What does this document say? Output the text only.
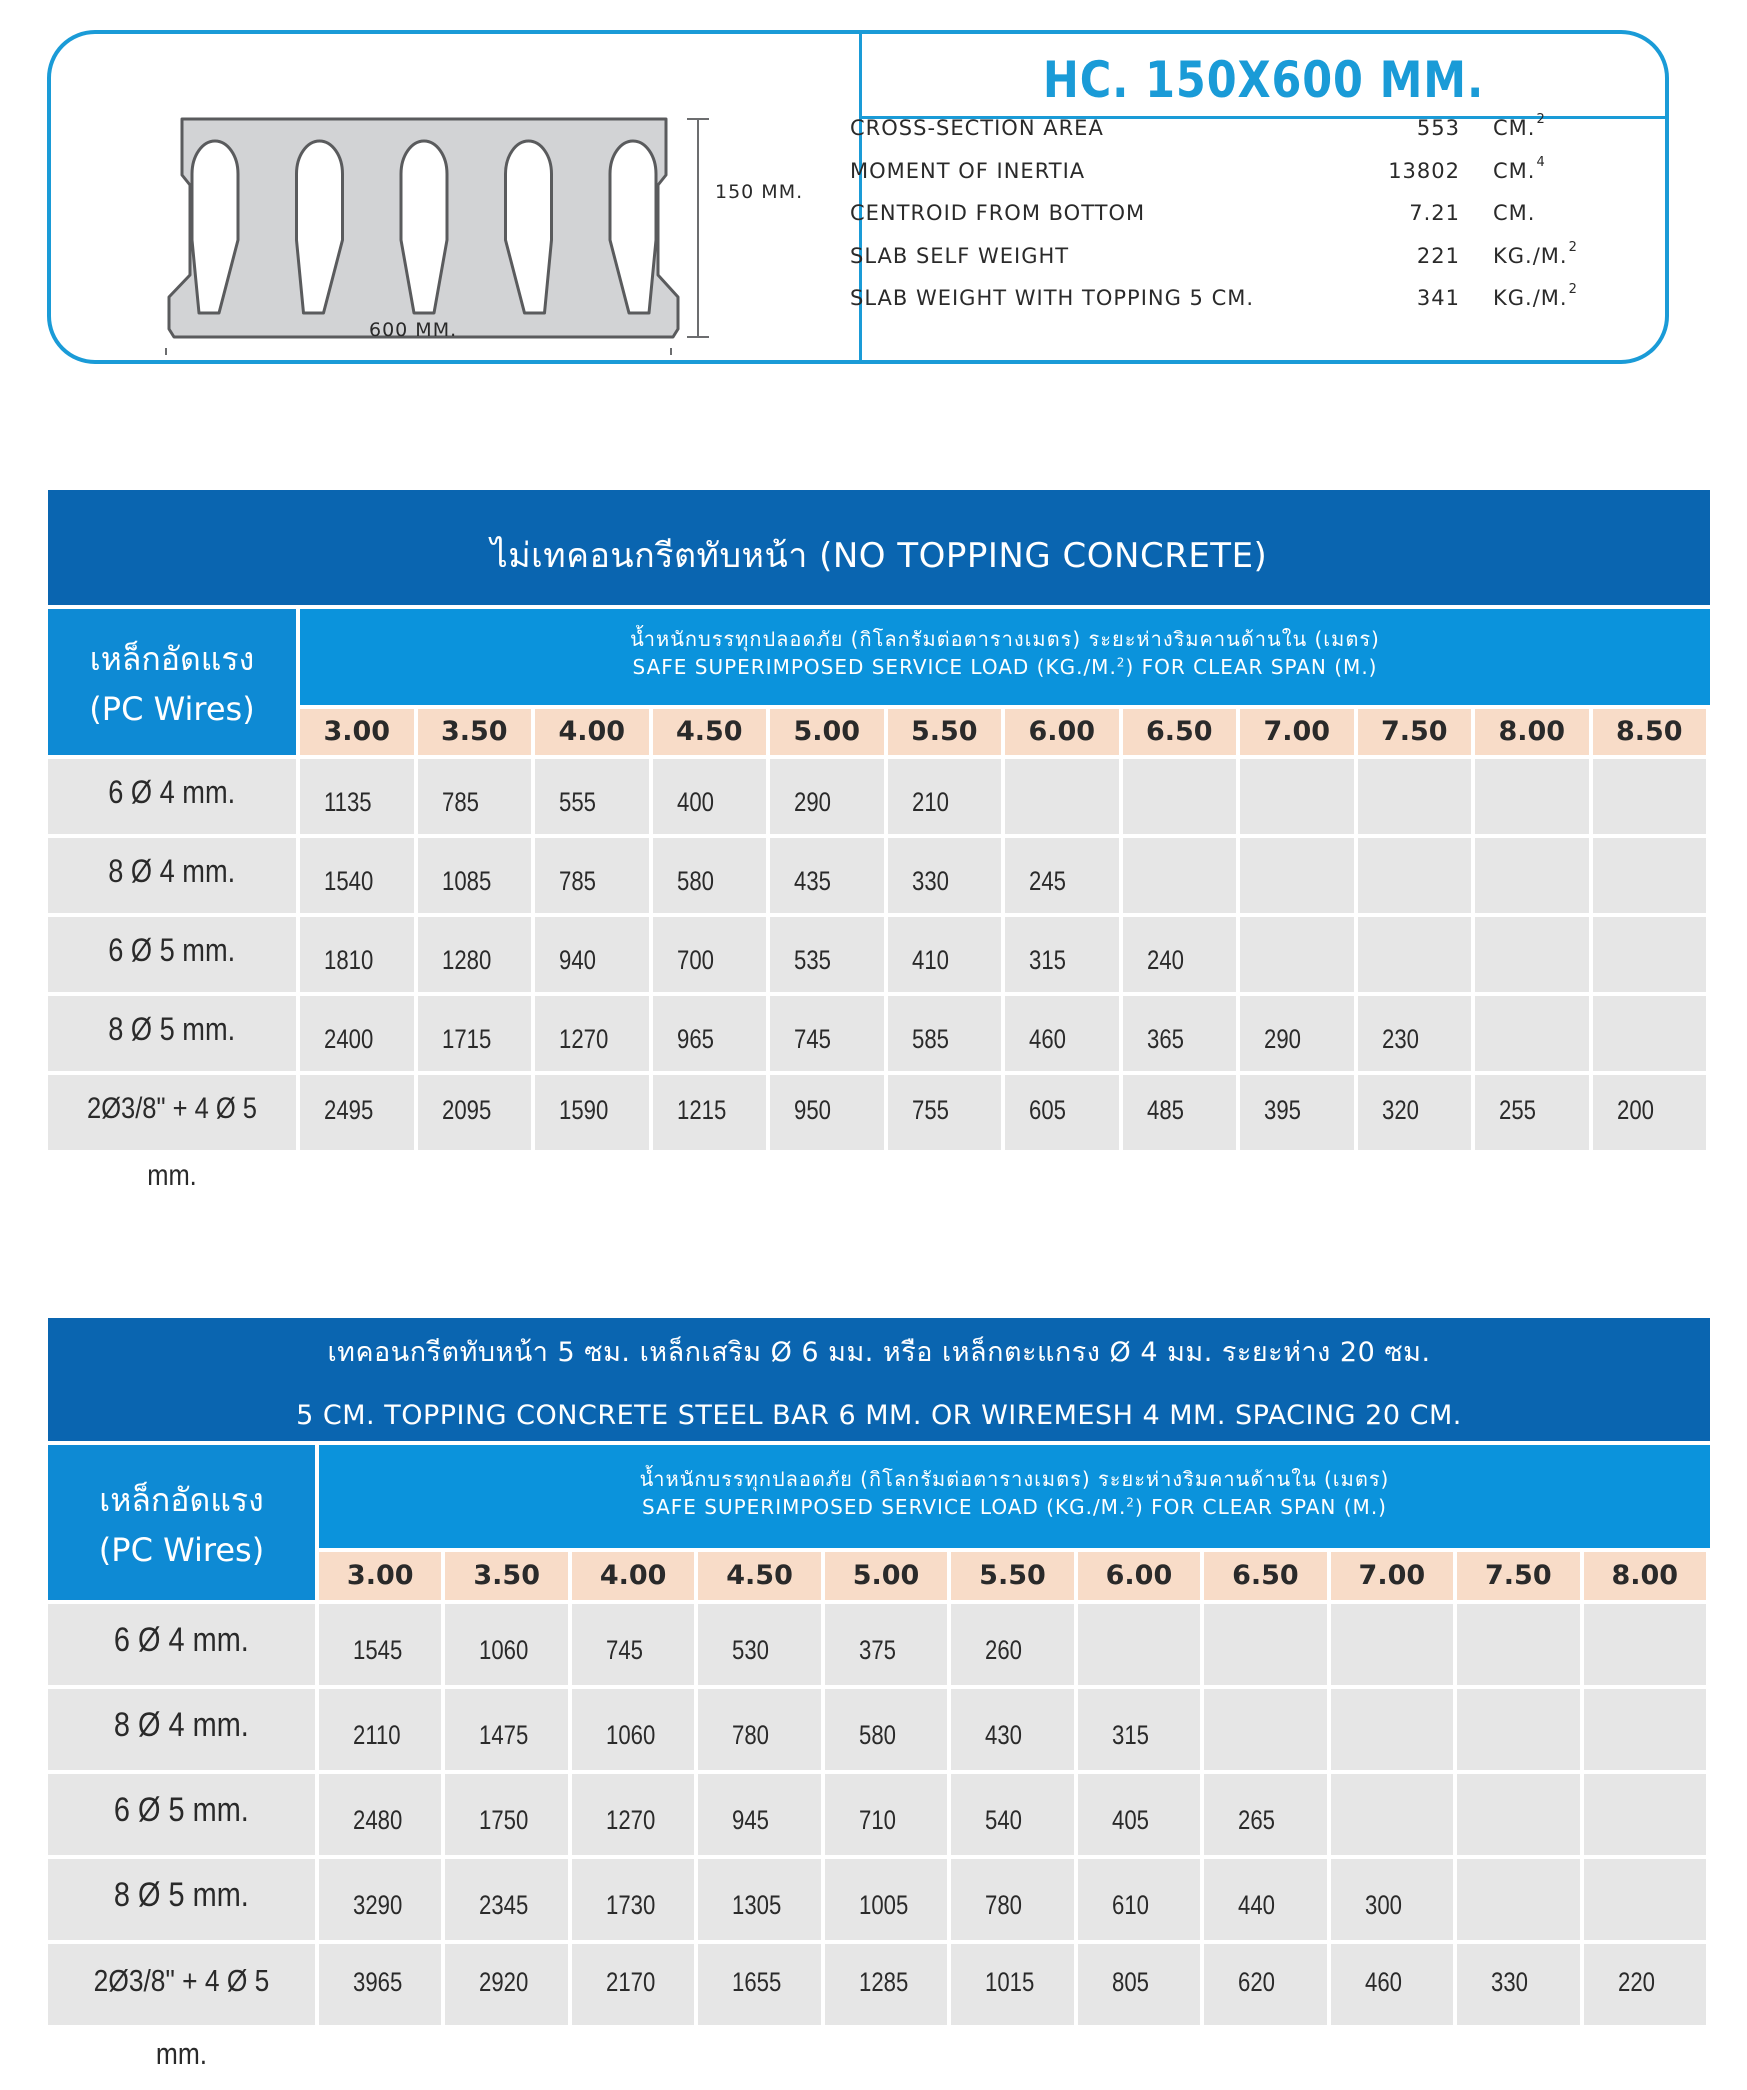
HC. 150X600 MM.
150 MM.
600 MM.
CROSS-SECTION AREA	553 CM.$^2$
MOMENT OF INERTIA	13802 CM.$^4$
CENTROID FROM BOTTOM	7.21 CM.
SLAB SELF WEIGHT	221 KG./M.$^2$
SLAB WEIGHT WITH TOPPING 5 CM.	341 KG./M.$^2$
ไม่เทคอนกรีตทับหน้า (NO TOPPING CONCRETE)
เหล็กอัดแรง
(PC Wires)
น้ำหนักบรรทุกปลอดภัย (กิโลกรัมต่อตารางเมตร) ระยะห่างริมคานด้านใน (เมตร)
SAFE SUPERIMPOSED SERVICE LOAD (KG./M.$^2$) FOR CLEAR SPAN (M.)
3.00	3.50	4.00	4.50	5.00	5.50	6.00	6.50	7.00	7.50	8.00	8.50
6 Ø 4 mm.	1135	785	555	400	290	210
8 Ø 4 mm.	1540	1085	785	580	435	330	245
6 Ø 5 mm.	1810	1280	940	700	535	410	315	240
8 Ø 5 mm.	2400	1715	1270	965	745	585	460	365	290	230
2Ø3/8" + 4 Ø 5 mm.
2495	2095	1590	1215	950	755	605	485	395	320	255	200
เทคอนกรีตทับหน้า 5 ซม. เหล็กเสริม Ø 6 มม. หรือ เหล็กตะแกรง Ø 4 มม. ระยะห่าง 20 ซม.
5 CM. TOPPING CONCRETE STEEL BAR 6 MM. OR WIREMESH 4 MM. SPACING 20 CM.
เหล็กอัดแรง
(PC Wires)
น้ำหนักบรรทุกปลอดภัย (กิโลกรัมต่อตารางเมตร) ระยะห่างริมคานด้านใน (เมตร)
SAFE SUPERIMPOSED SERVICE LOAD (KG./M.$^2$) FOR CLEAR SPAN (M.)
3.00	3.50	4.00	4.50	5.00	5.50	6.00	6.50	7.00	7.50	8.00
6 Ø 4 mm.	1545	1060	745	530	375	260
8 Ø 4 mm.	2110	1475	1060	780	580	430	315
6 Ø 5 mm.	2480	1750	1270	945	710	540	405	265
8 Ø 5 mm.	3290	2345	1730	1305	1005	780	610	440	300
2Ø3/8" + 4 Ø 5 mm.
3965	2920	2170	1655	1285	1015	805	620	460	330	220
